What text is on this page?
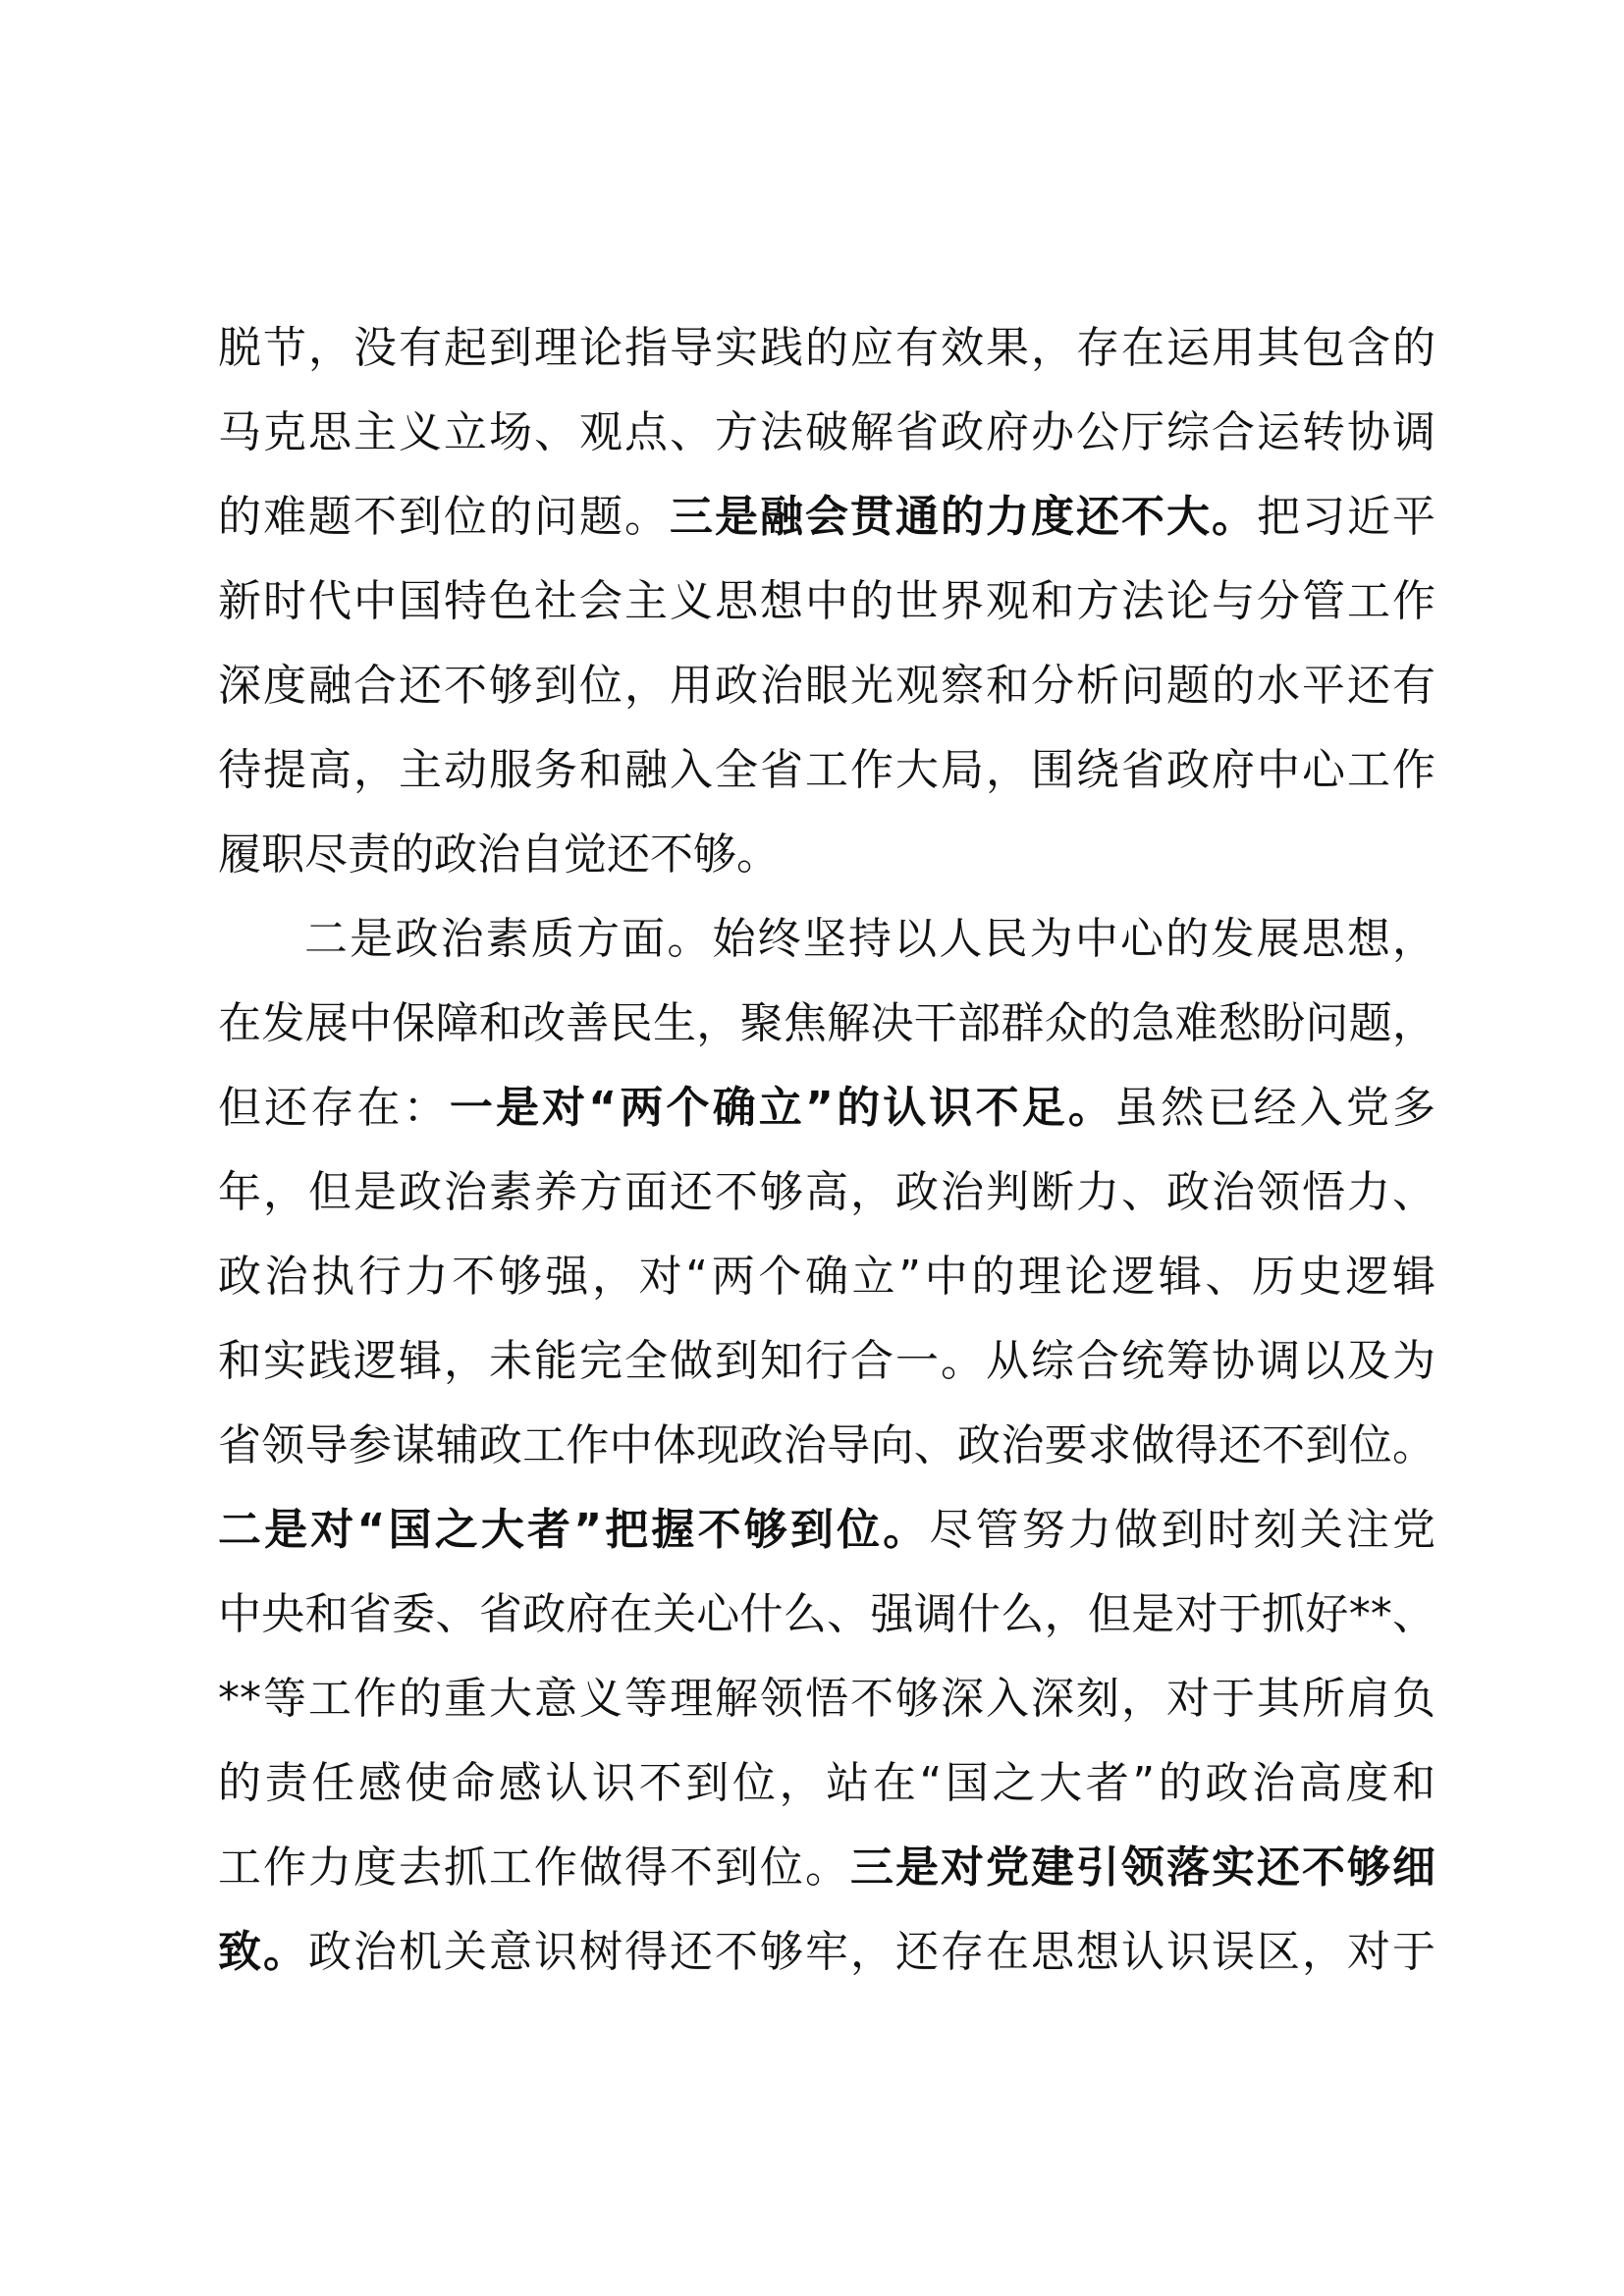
脱节，没有起到理论指导实践的应有效果，存在运用其包含的
马克思主义立场、观点、方法破解省政府办公厅综合运转协调
的难题不到位的问题。三是融会贯通的力度还不大。把习近平
新时代中国特色社会主义思想中的世界观和方法论与分管工作
深度融合还不够到位，用政治眼光观察和分析问题的水平还有
待提高，主动服务和融入全省工作大局，围绕省政府中心工作
履职尽责的政治自觉还不够。
二是政治素质方面。始终坚持以人民为中心的发展思想，
在发展中保障和改善民生，聚焦解决干部群众的急难愁盼问题，
但还存在：一是对“两个确立”的认识不足。虽然已经入党多
年，但是政治素养方面还不够高，政治判断力、政治领悟力、
政治执行力不够强，对“两个确立”中的理论逻辑、历史逻辑
和实践逻辑，未能完全做到知行合一。从综合统筹协调以及为
省领导参谋辅政工作中体现政治导向、政治要求做得还不到位。
二是对“国之大者”把握不够到位。尽管努力做到时刻关注党
中央和省委、省政府在关心什么、强调什么，但是对于抓好**、
**等工作的重大意义等理解领悟不够深入深刻，对于其所肩负
的责任感使命感认识不到位，站在“国之大者”的政治高度和
工作力度去抓工作做得不到位。三是对党建引领落实还不够细
致。政治机关意识树得还不够牢，还存在思想认识误区，对于
